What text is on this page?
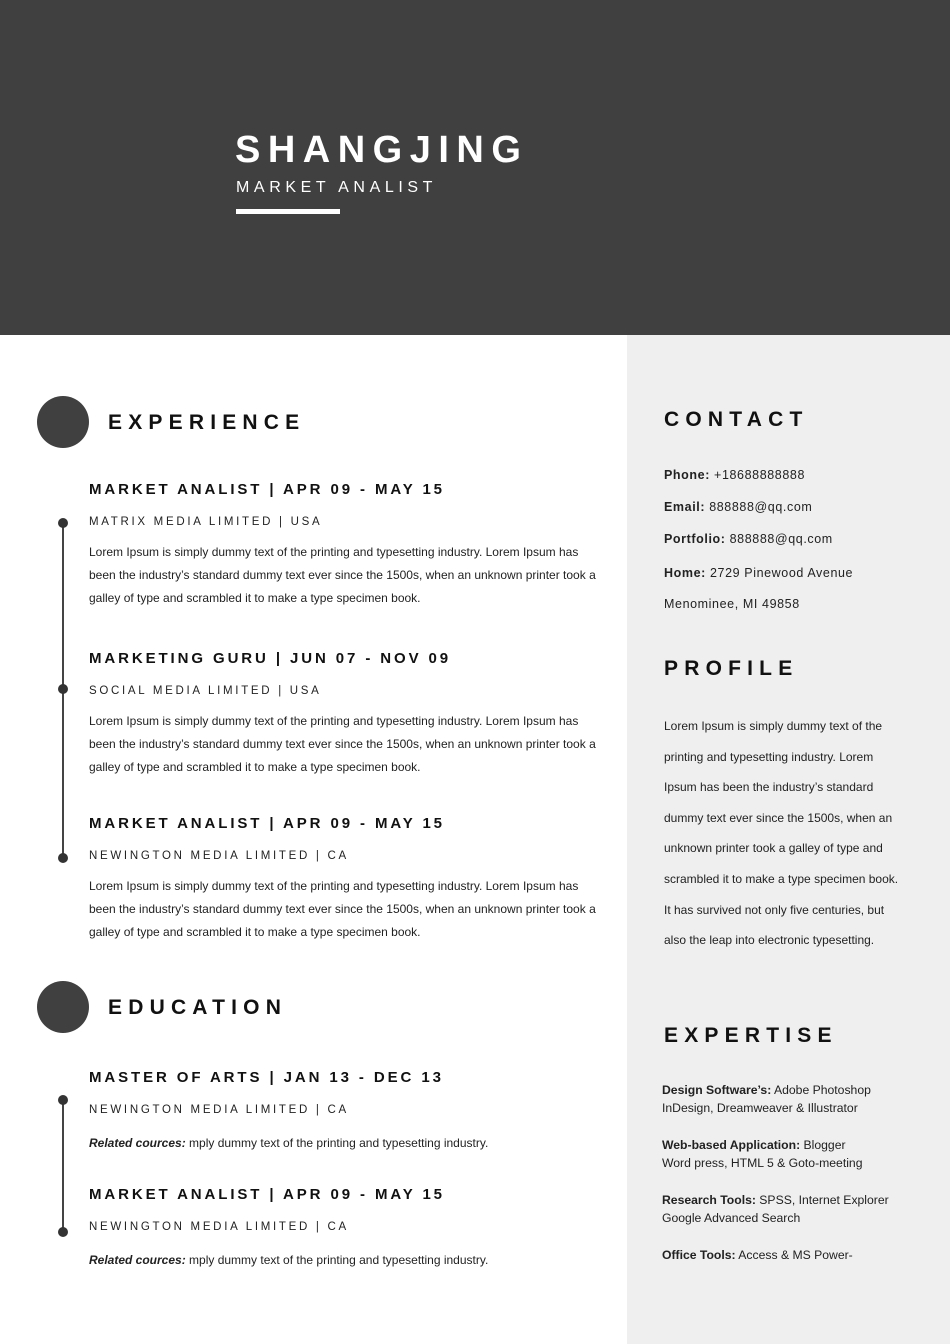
SHANGJING
MARKET ANALIST
EXPERIENCE
MARKET ANALIST | APR 09 - MAY 15
MATRIX MEDIA LIMITED | USA
Lorem Ipsum is simply dummy text of the printing and typesetting industry. Lorem Ipsum has been the industry’s standard dummy text ever since the 1500s, when an unknown printer took a galley of type and scrambled it to make a type specimen book.
MARKETING GURU | JUN 07 - NOV 09
SOCIAL MEDIA LIMITED | USA
Lorem Ipsum is simply dummy text of the printing and typesetting industry. Lorem Ipsum has been the industry’s standard dummy text ever since the 1500s, when an unknown printer took a galley of type and scrambled it to make a type specimen book.
MARKET ANALIST | APR 09 - MAY 15
NEWINGTON MEDIA LIMITED | CA
Lorem Ipsum is simply dummy text of the printing and typesetting industry. Lorem Ipsum has been the industry’s standard dummy text ever since the 1500s, when an unknown printer took a galley of type and scrambled it to make a type specimen book.
EDUCATION
MASTER OF ARTS | JAN 13 - DEC 13
NEWINGTON MEDIA LIMITED | CA
Related cources: mply dummy text of the printing and typesetting industry.
MARKET ANALIST | APR 09 - MAY 15
NEWINGTON MEDIA LIMITED | CA
Related cources: mply dummy text of the printing and typesetting industry.
CONTACT
Phone: +18688888888
Email: 888888@qq.com
Portfolio: 888888@qq.com
Home: 2729 Pinewood Avenue
Menominee, MI 49858
PROFILE
Lorem Ipsum is simply dummy text of the printing and typesetting industry. Lorem Ipsum has been the industry’s standard dummy text ever since the 1500s, when an unknown printer took a galley of type and scrambled it to make a type specimen book. It has survived not only five centuries, but also the leap into electronic typesetting.
EXPERTISE
Design Software’s: Adobe Photoshop
InDesign, Dreamweaver & Illustrator
Web-based Application: Blogger
Word press, HTML 5 & Goto-meeting
Research Tools: SPSS, Internet Explorer
Google Advanced Search
Office Tools: Access & MS Power-
